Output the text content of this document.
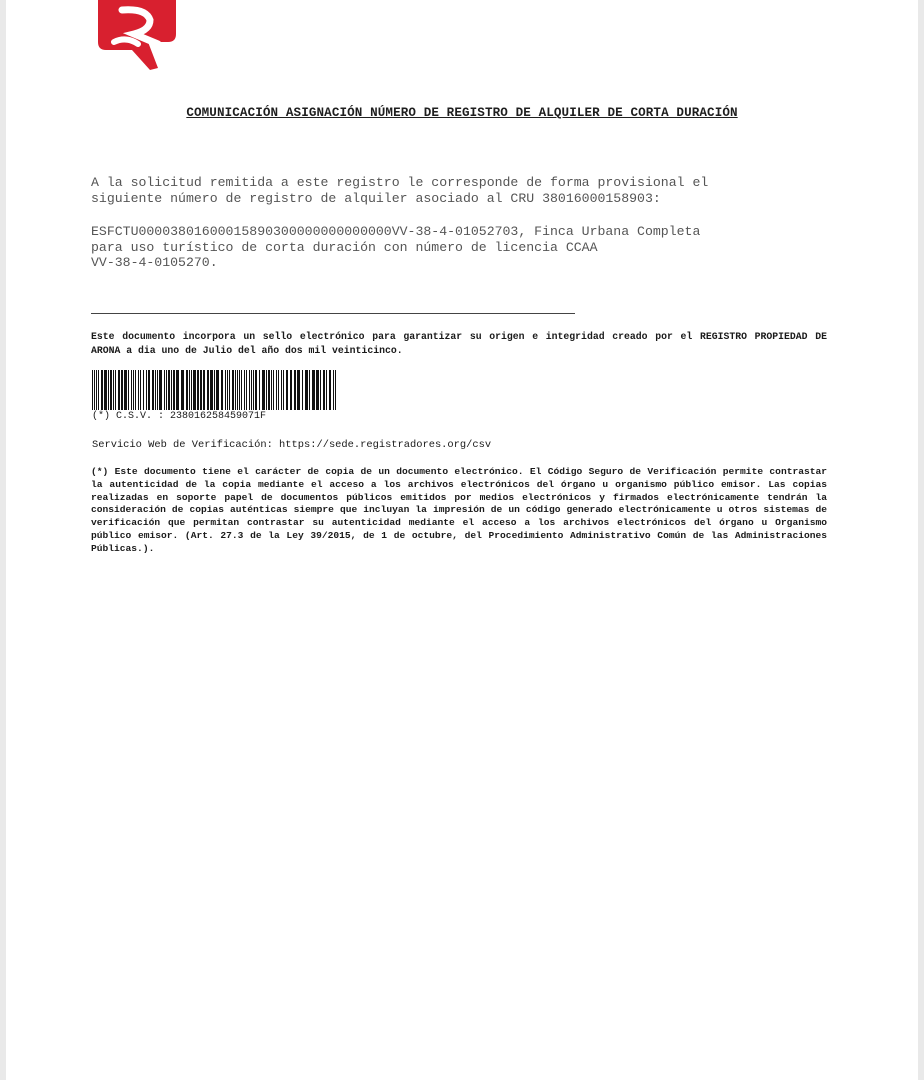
COMUNICACIÓN ASIGNACIÓN NÚMERO DE REGISTRO DE ALQUILER DE CORTA DURACIÓN

A la solicitud remitida a este registro le corresponde de forma provisional el
siguiente número de registro de alquiler asociado al CRU 38016000158903:

ESFCTU00003801600015890300000000000000VV-38-4-01052703, Finca Urbana Completa
para uso turístico de corta duración con número de licencia CCAA
VV-38-4-0105270.

Este documento incorpora un sello electrónico para garantizar su origen e integridad creado por el REGISTRO PROPIEDAD DE ARONA a dia uno de Julio del año dos mil veinticinco.

(*) C.S.V. : 238016258459071F

Servicio Web de Verificación: https://sede.registradores.org/csv

(*) Este documento tiene el carácter de copia de un documento electrónico. El Código Seguro de Verificación permite contrastar la autenticidad de la copia mediante el acceso a los archivos electrónicos del órgano u organismo público emisor. Las copias realizadas en soporte papel de documentos públicos emitidos por medios electrónicos y firmados electrónicamente tendrán la consideración de copias auténticas siempre que incluyan la impresión de un código generado electrónicamente u otros sistemas de verificación que permitan contrastar su autenticidad mediante el acceso a los archivos electrónicos del órgano u Organismo público emisor. (Art. 27.3 de la Ley 39/2015, de 1 de octubre, del Procedimiento Administrativo Común de las Administraciones Públicas.).
